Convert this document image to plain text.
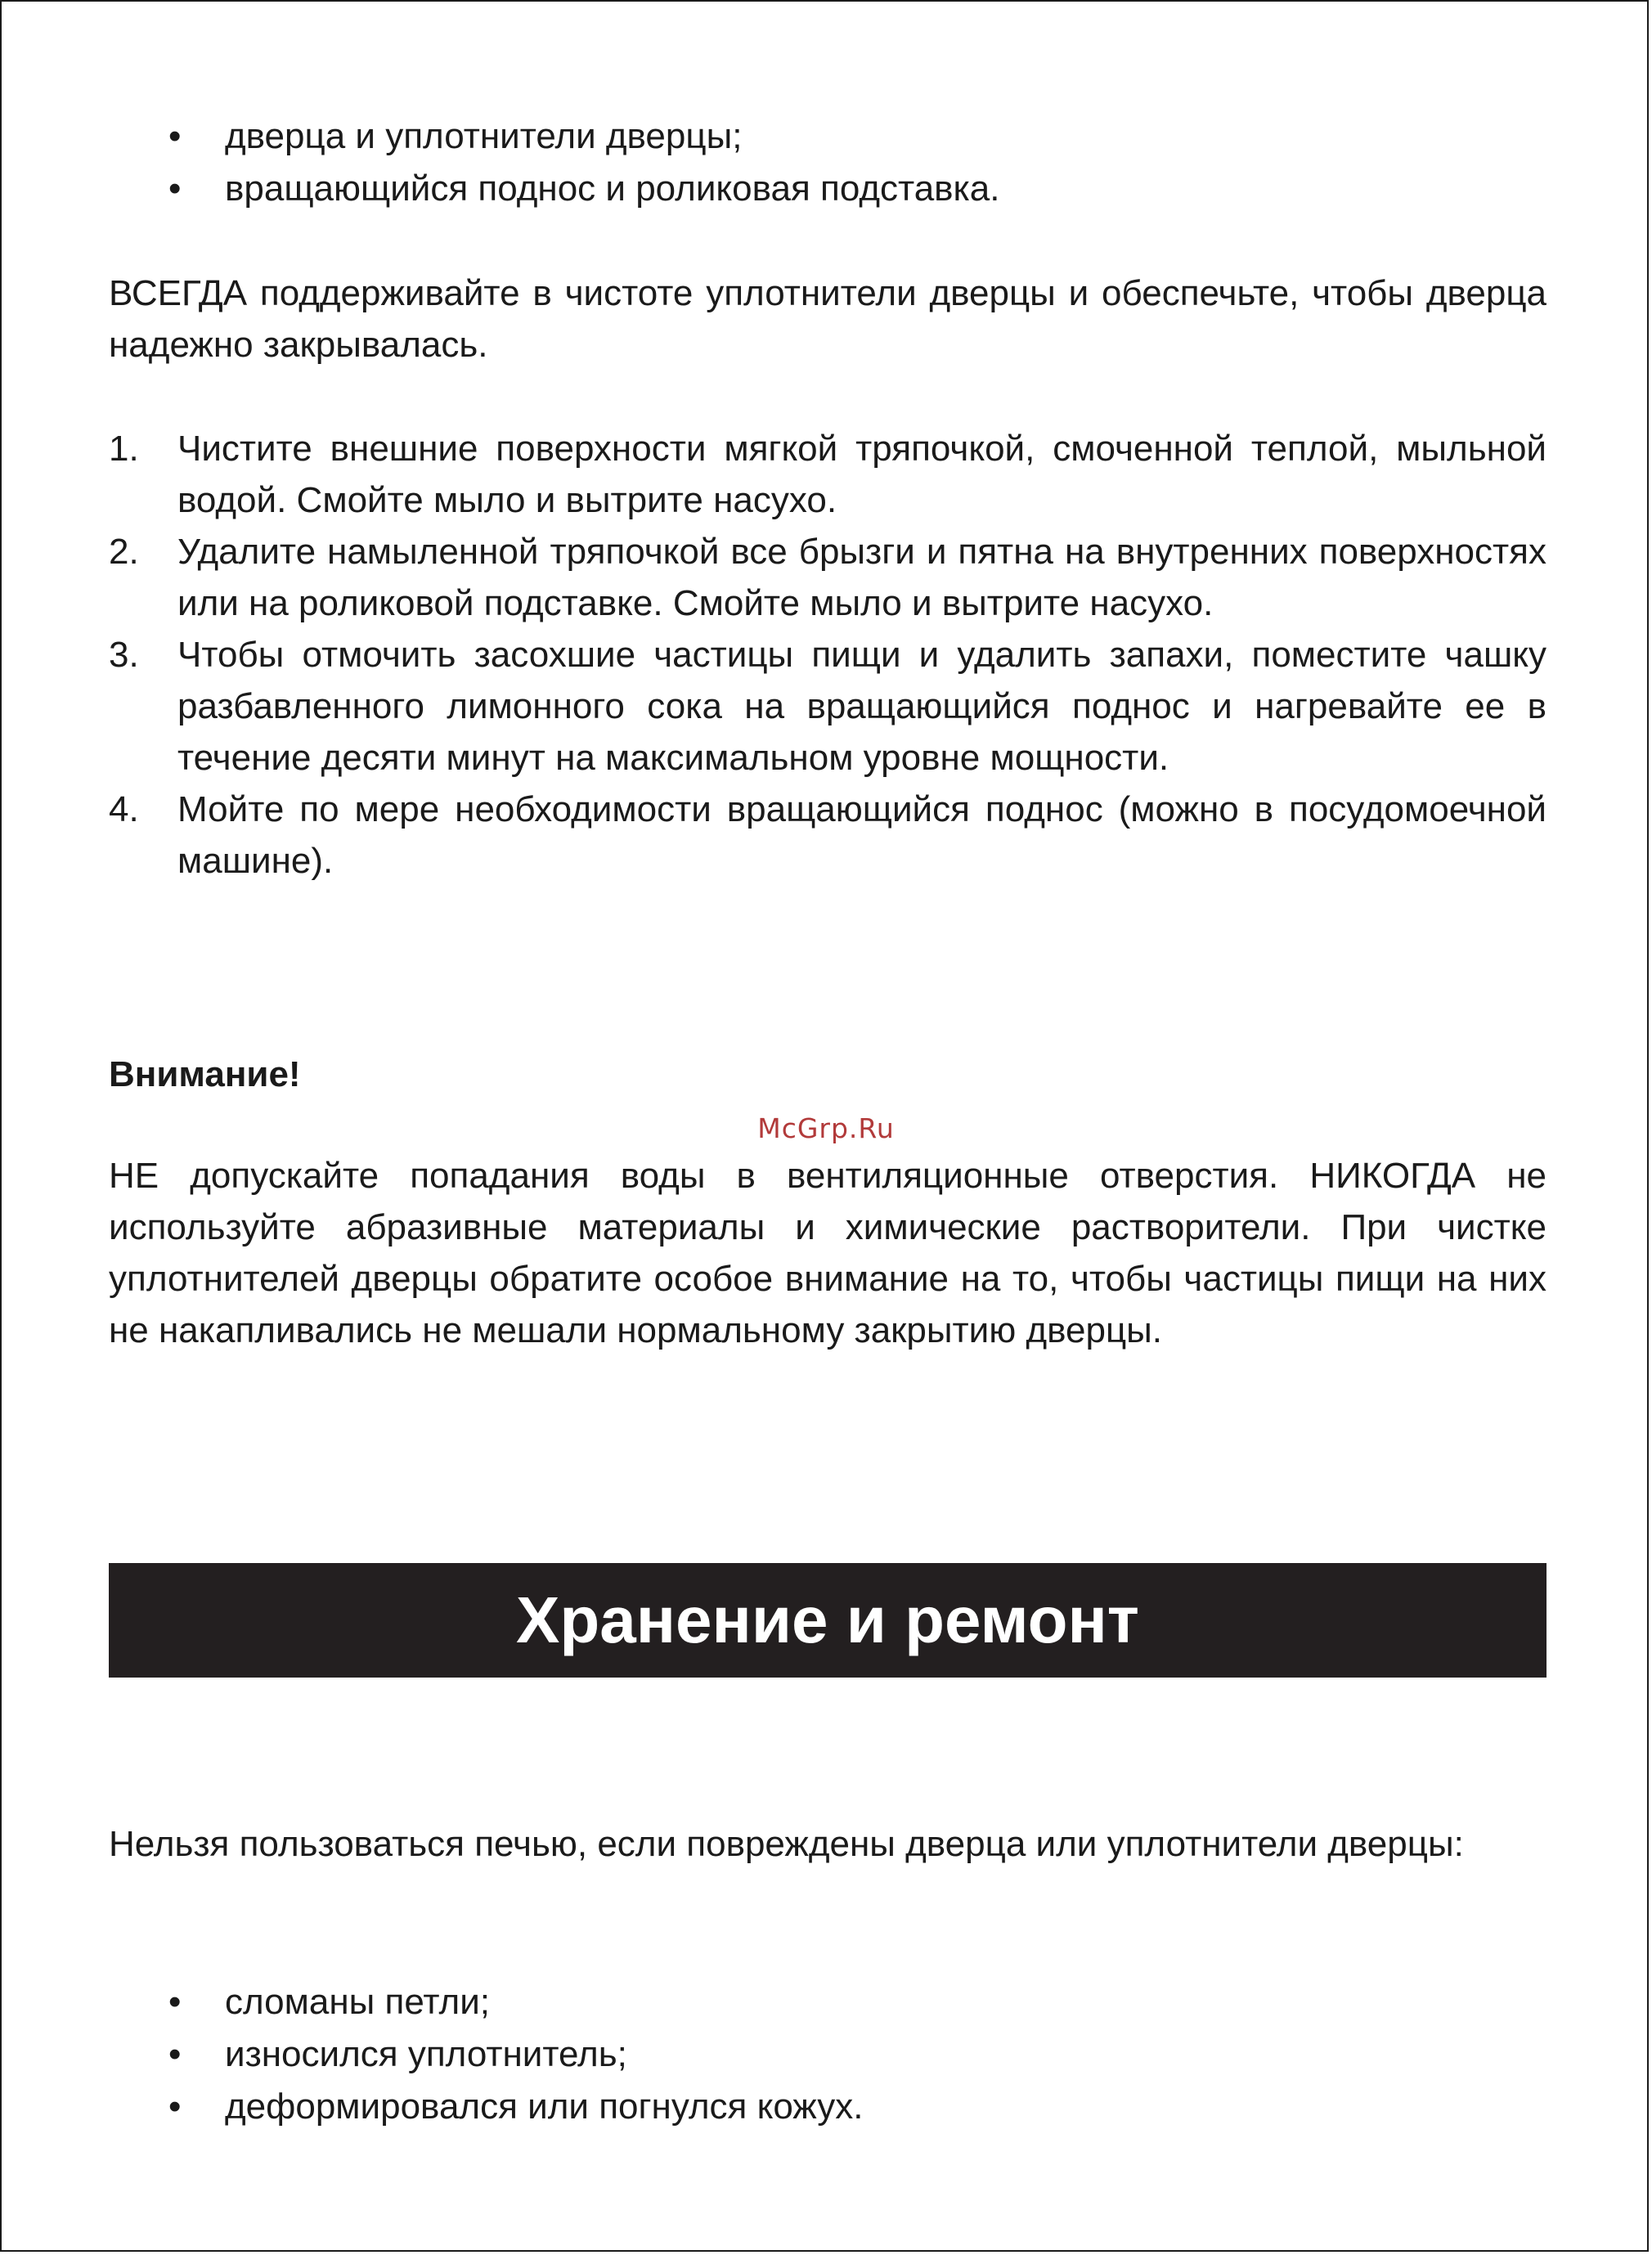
• дверца и уплотнители дверцы;
• вращающийся поднос и роликовая подставка.

ВСЕГДА поддерживайте в чистоте уплотнители дверцы и обеспечьте, чтобы дверца надежно закрывалась.

1. Чистите внешние поверхности мягкой тряпочкой, смоченной теплой, мыльной водой. Смойте мыло и вытрите насухо.
2. Удалите намыленной тряпочкой все брызги и пятна на внутренних поверхностях или на роликовой подставке. Смойте мыло и вытрите насухо.
3. Чтобы отмочить засохшие частицы пищи и удалить запахи, поместите чашку разбавленного лимонного сока на вращающийся поднос и нагревайте ее в течение десяти минут на максимальном уровне мощности.
4. Мойте по мере необходимости вращающийся поднос (можно в посудомоечной машине).

Внимание!

McGrp.Ru

НЕ допускайте попадания воды в вентиляционные отверстия. НИКОГДА не используйте абразивные материалы и химические растворители. При чистке уплотнителей дверцы обратите особое внимание на то, чтобы частицы пищи на них не накапливались не мешали нормальному закрытию дверцы.

Хранение и ремонт

Нельзя пользоваться печью, если повреждены дверца или уплотнители дверцы:

• сломаны петли;
• износился уплотнитель;
• деформировался или погнулся кожух.
